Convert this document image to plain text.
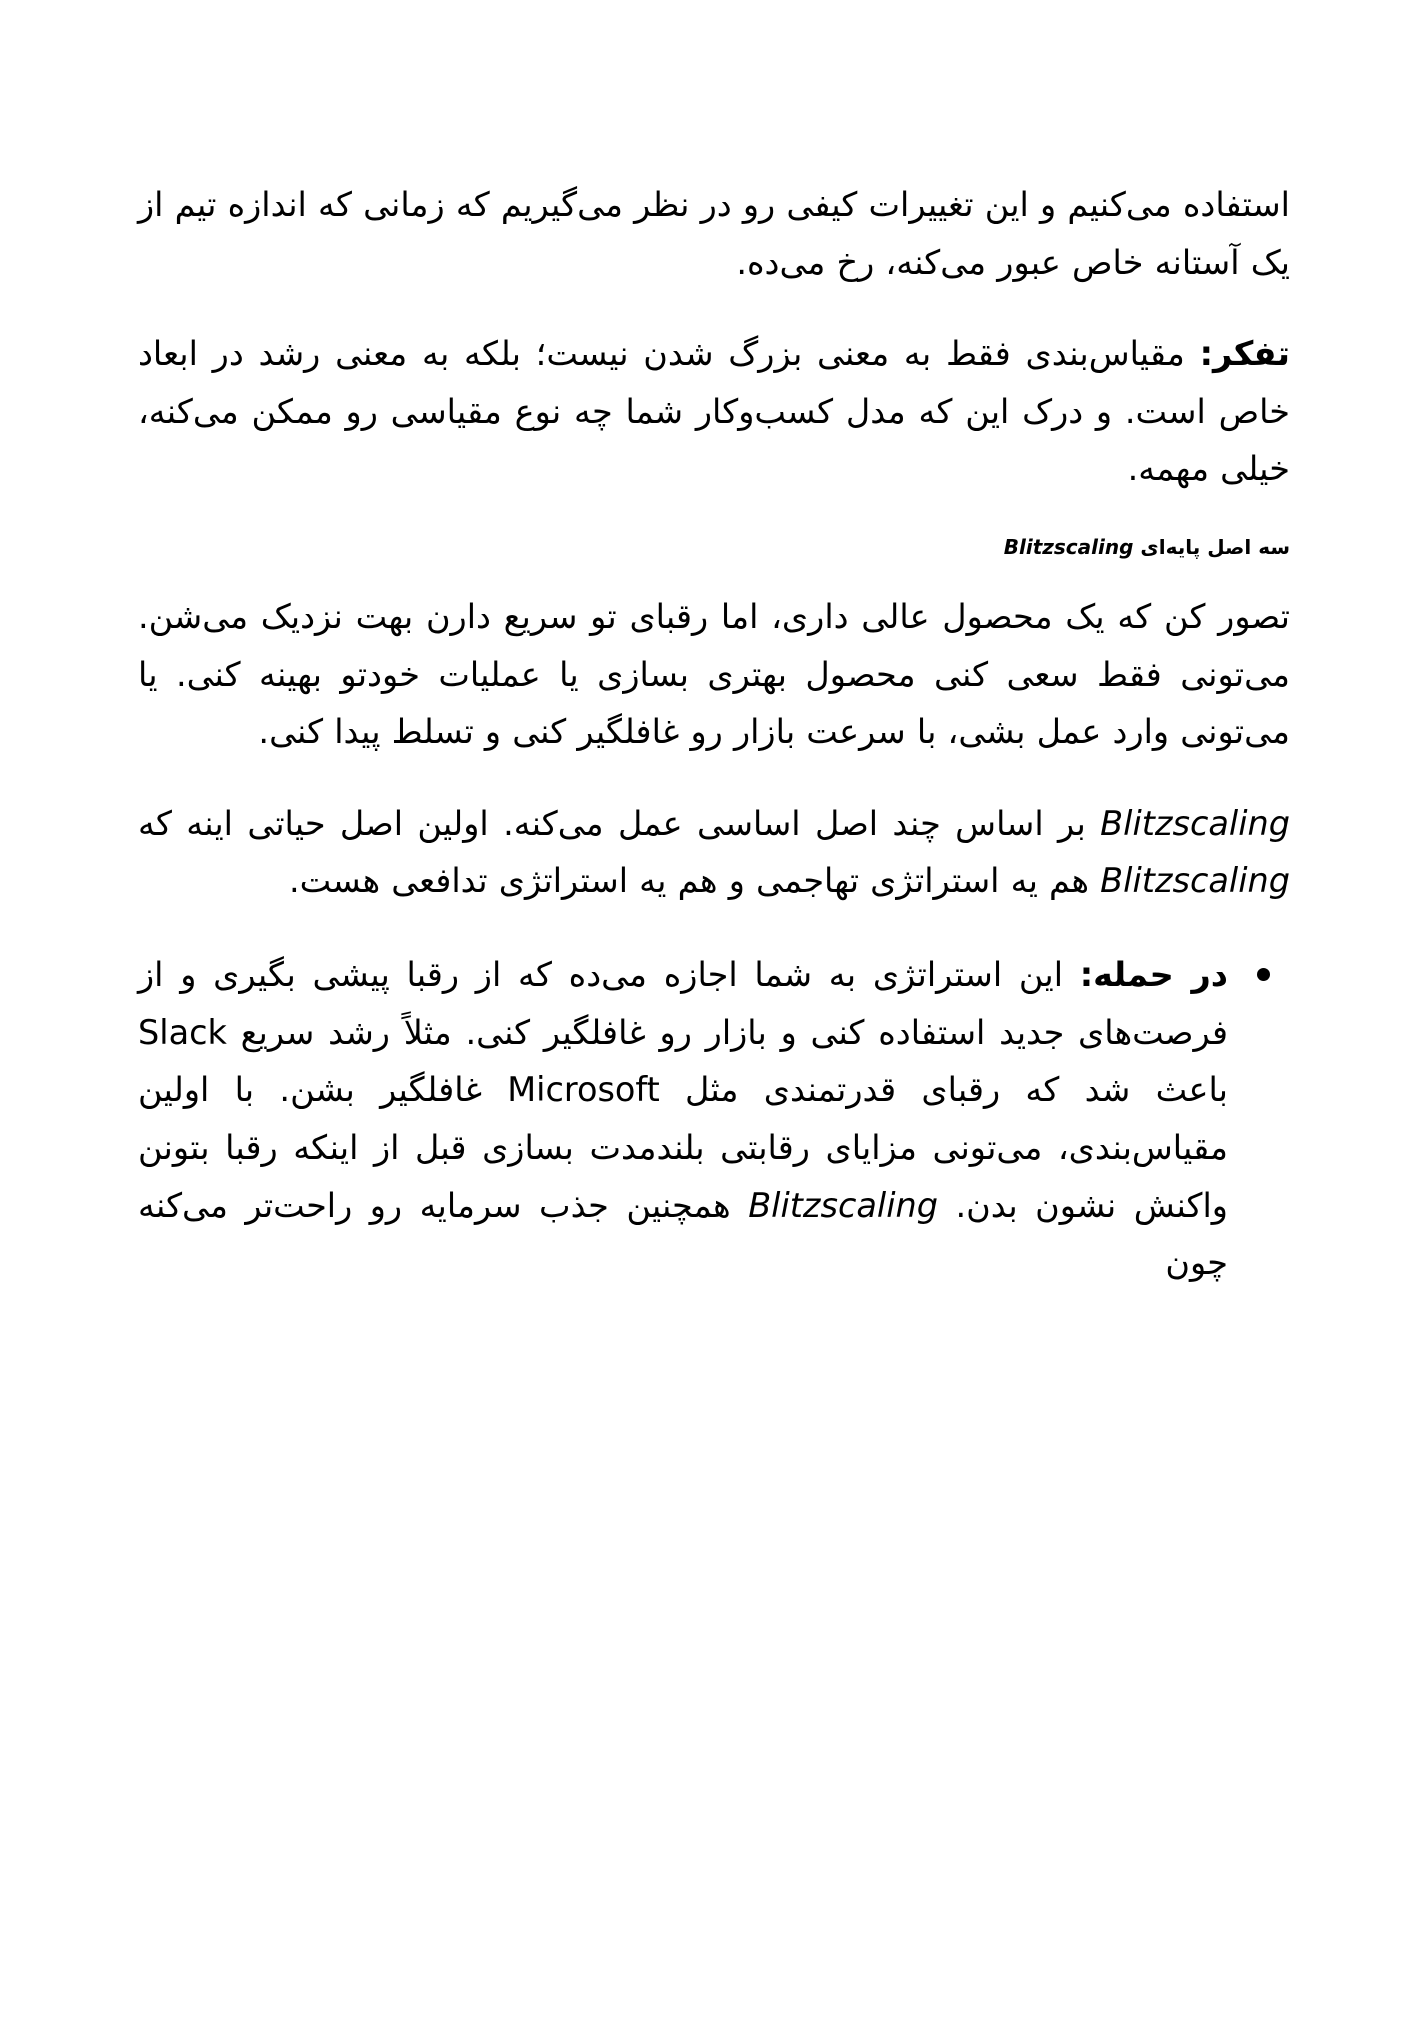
استفاده می‌کنیم و این تغییرات کیفی رو در نظر می‌گیریم که زمانی که اندازه تیم از یک آستانه خاص عبور می‌کنه، رخ می‌ده.

تفکر: مقیاس‌بندی فقط به معنی بزرگ شدن نیست؛ بلکه به معنی رشد در ابعاد خاص است. و درک این که مدل کسب‌وکار شما چه نوع مقیاسی رو ممکن می‌کنه، خیلی مهمه.

سه اصل پایه‌ای Blitzscaling

تصور کن که یک محصول عالی داری، اما رقبای تو سریع دارن بهت نزدیک می‌شن. می‌تونی فقط سعی کنی محصول بهتری بسازی یا عملیات خودتو بهینه کنی. یا می‌تونی وارد عمل بشی، با سرعت بازار رو غافلگیر کنی و تسلط پیدا کنی.

Blitzscaling بر اساس چند اصل اساسی عمل می‌کنه. اولین اصل حیاتی اینه که Blitzscaling هم یه استراتژی تهاجمی و هم یه استراتژی تدافعی هست.

در حمله: این استراتژی به شما اجازه می‌ده که از رقبا پیشی بگیری و از فرصت‌های جدید استفاده کنی و بازار رو غافلگیر کنی. مثلاً رشد سریع Slack باعث شد که رقبای قدرتمندی مثل Microsoft غافلگیر بشن. با اولین مقیاس‌بندی، می‌تونی مزایای رقابتی بلندمدت بسازی قبل از اینکه رقبا بتونن واکنش نشون بدن. Blitzscaling همچنین جذب سرمایه رو راحت‌تر می‌کنه چون
